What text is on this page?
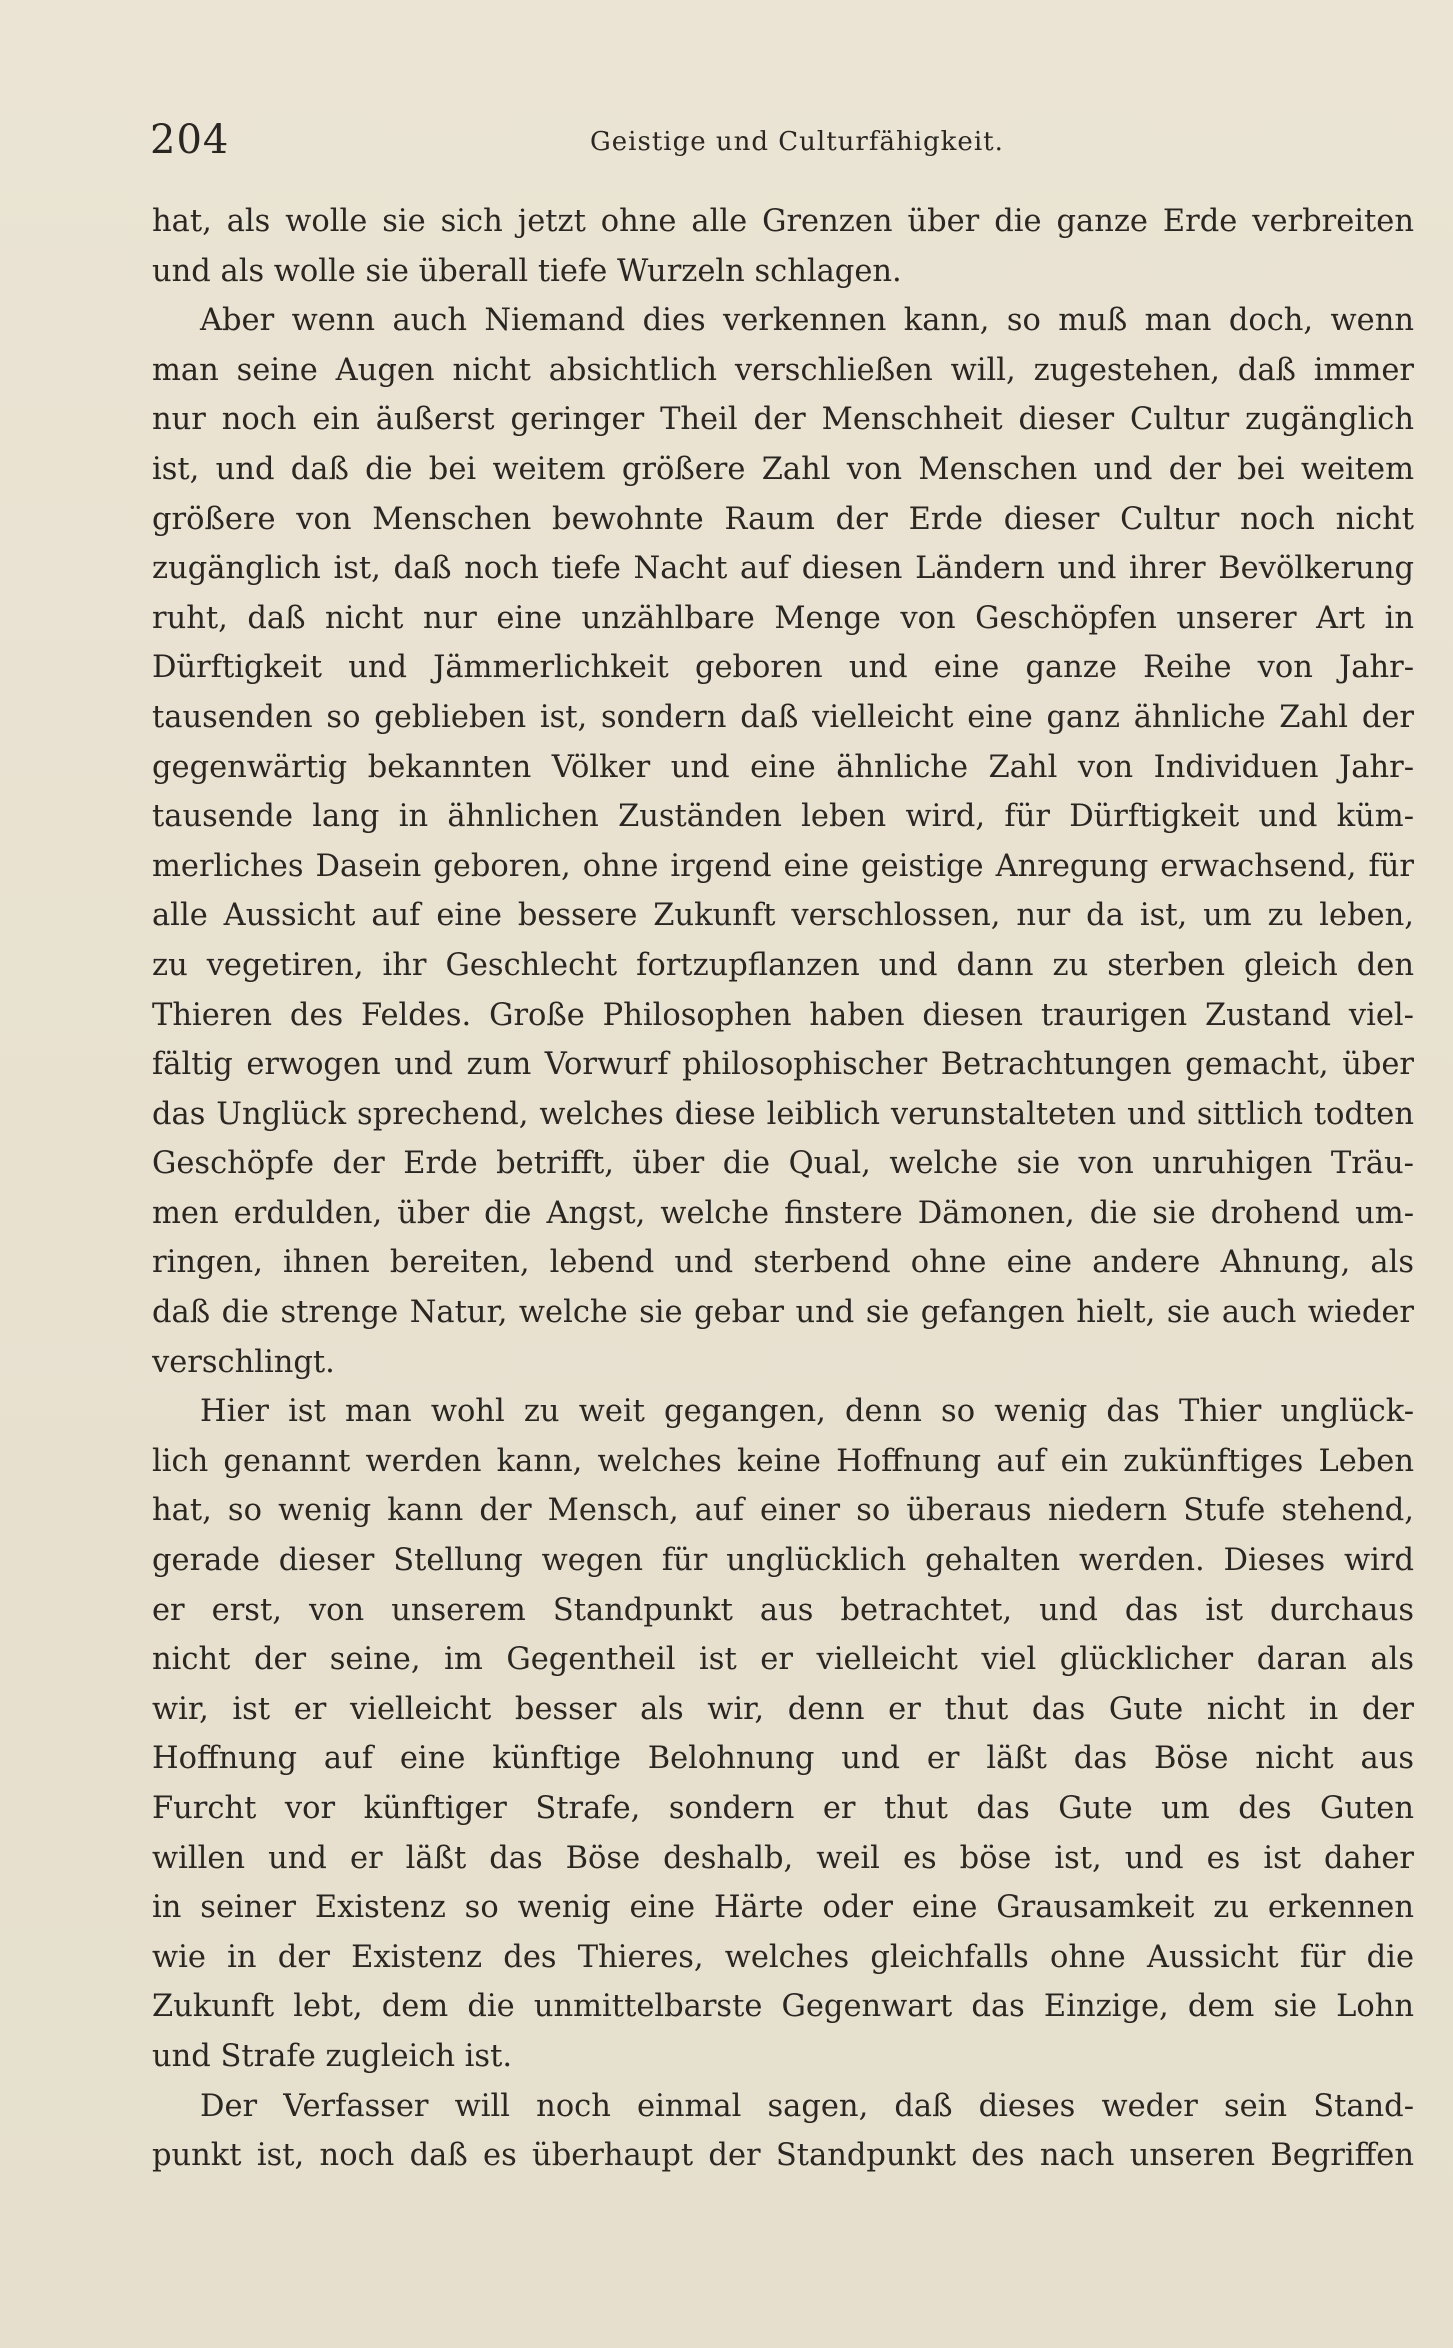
204	Geistige und Culturfähigkeit.
hat, als wolle sie sich jetzt ohne alle Grenzen über die ganze Erde verbreiten
und als wolle sie überall tiefe Wurzeln schlagen.
Aber wenn auch Niemand dies verkennen kann, so muß man doch, wenn
man seine Augen nicht absichtlich verschließen will, zugestehen, daß immer
nur noch ein äußerst geringer Theil der Menschheit dieser Cultur zugänglich
ist, und daß die bei weitem größere Zahl von Menschen und der bei weitem
größere von Menschen bewohnte Raum der Erde dieser Cultur noch nicht
zugänglich ist, daß noch tiefe Nacht auf diesen Ländern und ihrer Bevölkerung
ruht, daß nicht nur eine unzählbare Menge von Geschöpfen unserer Art in
Dürftigkeit und Jämmerlichkeit geboren und eine ganze Reihe von Jahr-
tausenden so geblieben ist, sondern daß vielleicht eine ganz ähnliche Zahl der
gegenwärtig bekannten Völker und eine ähnliche Zahl von Individuen Jahr-
tausende lang in ähnlichen Zuständen leben wird, für Dürftigkeit und küm-
merliches Dasein geboren, ohne irgend eine geistige Anregung erwachsend, für
alle Aussicht auf eine bessere Zukunft verschlossen, nur da ist, um zu leben,
zu vegetiren, ihr Geschlecht fortzupflanzen und dann zu sterben gleich den
Thieren des Feldes. Große Philosophen haben diesen traurigen Zustand viel-
fältig erwogen und zum Vorwurf philosophischer Betrachtungen gemacht, über
das Unglück sprechend, welches diese leiblich verunstalteten und sittlich todten
Geschöpfe der Erde betrifft, über die Qual, welche sie von unruhigen Träu-
men erdulden, über die Angst, welche finstere Dämonen, die sie drohend um-
ringen, ihnen bereiten, lebend und sterbend ohne eine andere Ahnung, als
daß die strenge Natur, welche sie gebar und sie gefangen hielt, sie auch wieder
verschlingt.
Hier ist man wohl zu weit gegangen, denn so wenig das Thier unglück-
lich genannt werden kann, welches keine Hoffnung auf ein zukünftiges Leben
hat, so wenig kann der Mensch, auf einer so überaus niedern Stufe stehend,
gerade dieser Stellung wegen für unglücklich gehalten werden. Dieses wird
er erst, von unserem Standpunkt aus betrachtet, und das ist durchaus
nicht der seine, im Gegentheil ist er vielleicht viel glücklicher daran als
wir, ist er vielleicht besser als wir, denn er thut das Gute nicht in der
Hoffnung auf eine künftige Belohnung und er läßt das Böse nicht aus
Furcht vor künftiger Strafe, sondern er thut das Gute um des Guten
willen und er läßt das Böse deshalb, weil es böse ist, und es ist daher
in seiner Existenz so wenig eine Härte oder eine Grausamkeit zu erkennen
wie in der Existenz des Thieres, welches gleichfalls ohne Aussicht für die
Zukunft lebt, dem die unmittelbarste Gegenwart das Einzige, dem sie Lohn
und Strafe zugleich ist.
Der Verfasser will noch einmal sagen, daß dieses weder sein Stand-
punkt ist, noch daß es überhaupt der Standpunkt des nach unseren Begriffen
